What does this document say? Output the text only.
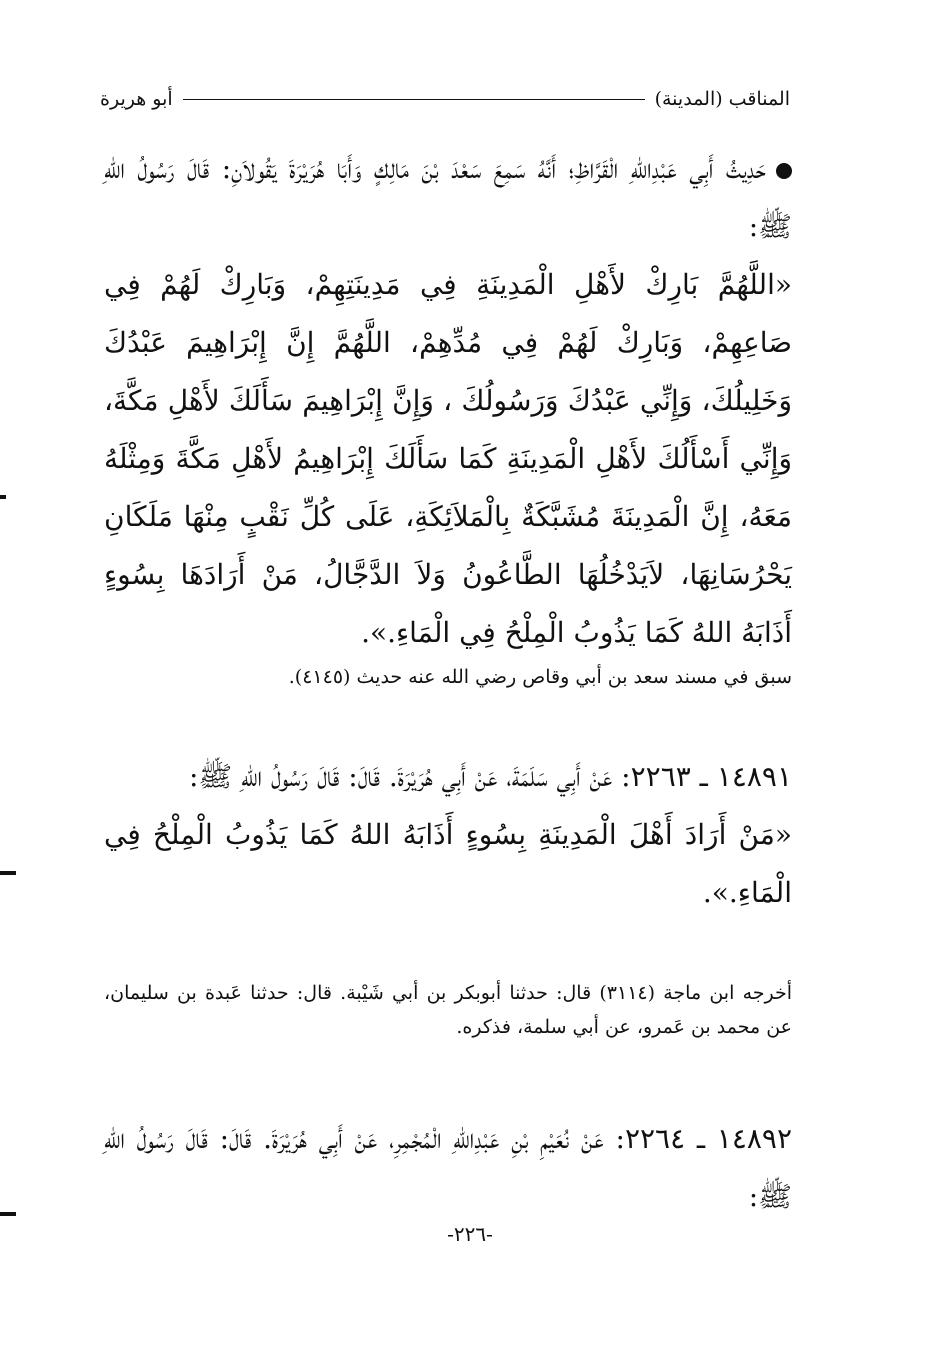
المناقب (المدينة)
أبو هريرة
حَدِيثُ أَبِي عَبْدِاللهِ الْقَرَّاظِ؛ أَنَّهُ سَمِعَ سَعْدَ بْنَ مَالِكٍ وَأَبَا هُرَيْرَةَ يَقُولاَنِ: قَالَ رَسُولُ اللهِ ﷺ:
«اللَّهُمَّ بَارِكْ لأَهْلِ الْمَدِينَةِ فِي مَدِينَتِهِمْ، وَبَارِكْ لَهُمْ فِي صَاعِهِمْ، وَبَارِكْ لَهُمْ فِي مُدِّهِمْ، اللَّهُمَّ إِنَّ إِبْرَاهِيمَ عَبْدُكَ وَخَلِيلُكَ، وَإِنِّي عَبْدُكَ وَرَسُولُكَ ، وَإِنَّ إِبْرَاهِيمَ سَأَلَكَ لأَهْلِ مَكَّةَ، وَإِنِّي أَسْأَلُكَ لأَهْلِ الْمَدِينَةِ كَمَا سَأَلَكَ إِبْرَاهِيمُ لأَهْلِ مَكَّةَ وَمِثْلَهُ مَعَهُ، إِنَّ الْمَدِينَةَ مُشَبَّكَةٌ بِالْمَلاَئِكَةِ، عَلَى كُلِّ نَقْبٍ مِنْهَا مَلَكَانِ يَحْرُسَانِهَا، لاَيَدْخُلُهَا الطَّاعُونُ وَلاَ الدَّجَّالُ، مَنْ أَرَادَهَا بِسُوءٍ أَذَابَهُ اللهُ كَمَا يَذُوبُ الْمِلْحُ فِي الْمَاءِ.».
سبق في مسند سعد بن أبي وقاص رضي الله عنه حديث (٤١٤٥).
١٤٨٩١ ـ ٢٢٦٣: عَنْ أَبِي سَلَمَةَ، عَنْ أَبِي هُرَيْرَةَ. قَالَ: قَالَ رَسُولُ اللهِ ﷺ:
«مَنْ أَرَادَ أَهْلَ الْمَدِينَةِ بِسُوءٍ أَذَابَهُ اللهُ كَمَا يَذُوبُ الْمِلْحُ فِي الْمَاءِ.».
أخرجه ابن ماجة (٣١١٤) قال: حدثنا أبوبكر بن أبي شَيْبة. قال: حدثنا عَبدة بن سليمان، عن محمد بن عَمرو، عن أبي سلمة، فذكره.
١٤٨٩٢ ـ ٢٢٦٤: عَنْ نُعَيْمِ بْنِ عَبْدِاللهِ الْمُجْمِرِ، عَنْ أَبِي هُرَيْرَةَ. قَالَ: قَالَ رَسُولُ اللهِ ﷺ:
-٢٢٦-
